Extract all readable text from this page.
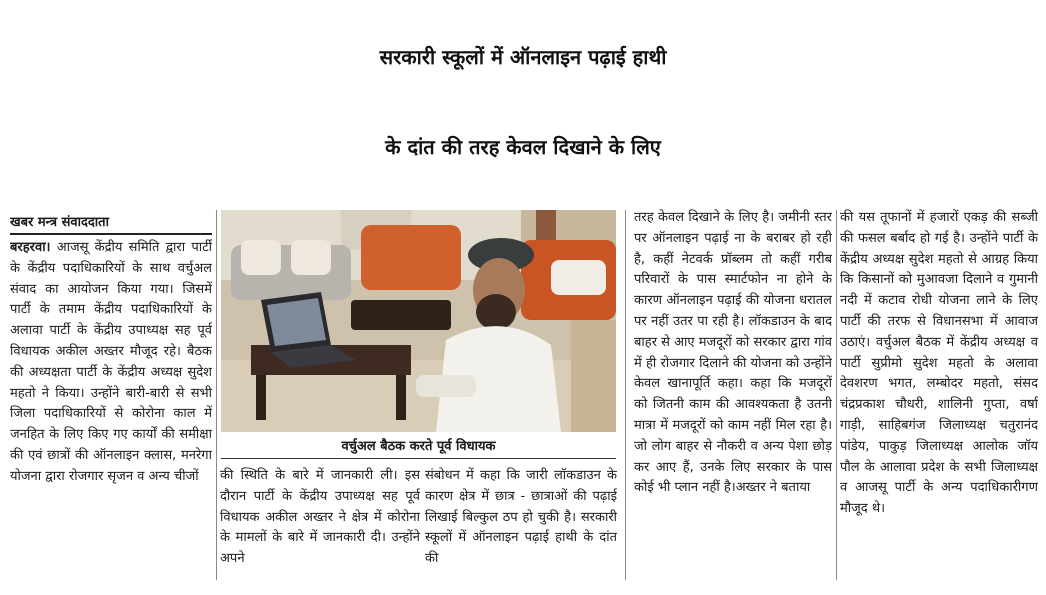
सरकारी स्कूलों में ऑनलाइन पढ़ाई हाथी
के दांत की तरह केवल दिखाने के लिए
खबर मन्त्र संवाददाता
बरहरवा। आजसू केंद्रीय समिति द्वारा पार्टी के केंद्रीय पदाधिकारियों के साथ वर्चुअल संवाद का आयोजन किया गया। जिसमें पार्टी के तमाम केंद्रीय पदाधिकारियों के अलावा पार्टी के केंद्रीय उपाध्यक्ष सह पूर्व विधायक अकील अख्तर मौजूद रहे। बैठक की अध्यक्षता पार्टी के केंद्रीय अध्यक्ष सुदेश महतो ने किया। उन्होंने बारी-बारी से सभी जिला पदाधिकारियों से कोरोना काल में जनहित के लिए किए गए कार्यों की समीक्षा की एवं छात्रों की ऑनलाइन क्लास, मनरेगा योजना द्वारा रोजगार सृजन व अन्य चीजों
वर्चुअल बैठक करते पूर्व विधायक
की स्थिति के बारे में जानकारी ली। इस दौरान पार्टी के केंद्रीय उपाध्यक्ष सह पूर्व विधायक अकील अख्तर ने क्षेत्र में कोरोना के मामलों के बारे में जानकारी दी। उन्होंने अपने
संबोधन में कहा कि जारी लॉकडाउन के कारण क्षेत्र में छात्र - छात्राओं की पढ़ाई लिखाई बिल्कुल ठप हो चुकी है। सरकारी स्कूलों में ऑनलाइन पढ़ाई हाथी के दांत की
तरह केवल दिखाने के लिए है। जमीनी स्तर पर ऑनलाइन पढ़ाई ना के बराबर हो रही है, कहीं नेटवर्क प्रॉब्लम तो कहीं गरीब परिवारों के पास स्मार्टफोन ना होने के कारण ऑनलाइन पढ़ाई की योजना धरातल पर नहीं उतर पा रही है। लॉकडाउन के बाद बाहर से आए मजदूरों को सरकार द्वारा गांव में ही रोजगार दिलाने की योजना को उन्होंने केवल खानापूर्ति कहा। कहा कि मजदूरों को जितनी काम की आवश्यकता है उतनी मात्रा में मजदूरों को काम नहीं मिल रहा है। जो लोग बाहर से नौकरी व अन्य पेशा छोड़ कर आए हैं, उनके लिए सरकार के पास कोई भी प्लान नहीं है।अख्तर ने बताया
की यस तूफानों में हजारों एकड़ की सब्जी की फसल बर्बाद हो गई है। उन्होंने पार्टी के केंद्रीय अध्यक्ष सुदेश महतो से आग्रह किया कि किसानों को मुआवजा दिलाने व गुमानी नदी में कटाव रोधी योजना लाने के लिए पार्टी की तरफ से विधानसभा में आवाज उठाएं। वर्चुअल बैठक में केंद्रीय अध्यक्ष व पार्टी सुप्रीमो सुदेश महतो के अलावा देवशरण भगत, लम्बोदर महतो, संसद चंद्रप्रकाश चौधरी, शालिनी गुप्ता, वर्षा गाड़ी, साहिबगंज जिलाध्यक्ष चतुरानंद पांडेय, पाकुड़ जिलाध्यक्ष आलोक जॉय पौल के आलावा प्रदेश के सभी जिलाध्यक्ष व आजसू पार्टी के अन्य पदाधिकारीगण मौजूद थे।
